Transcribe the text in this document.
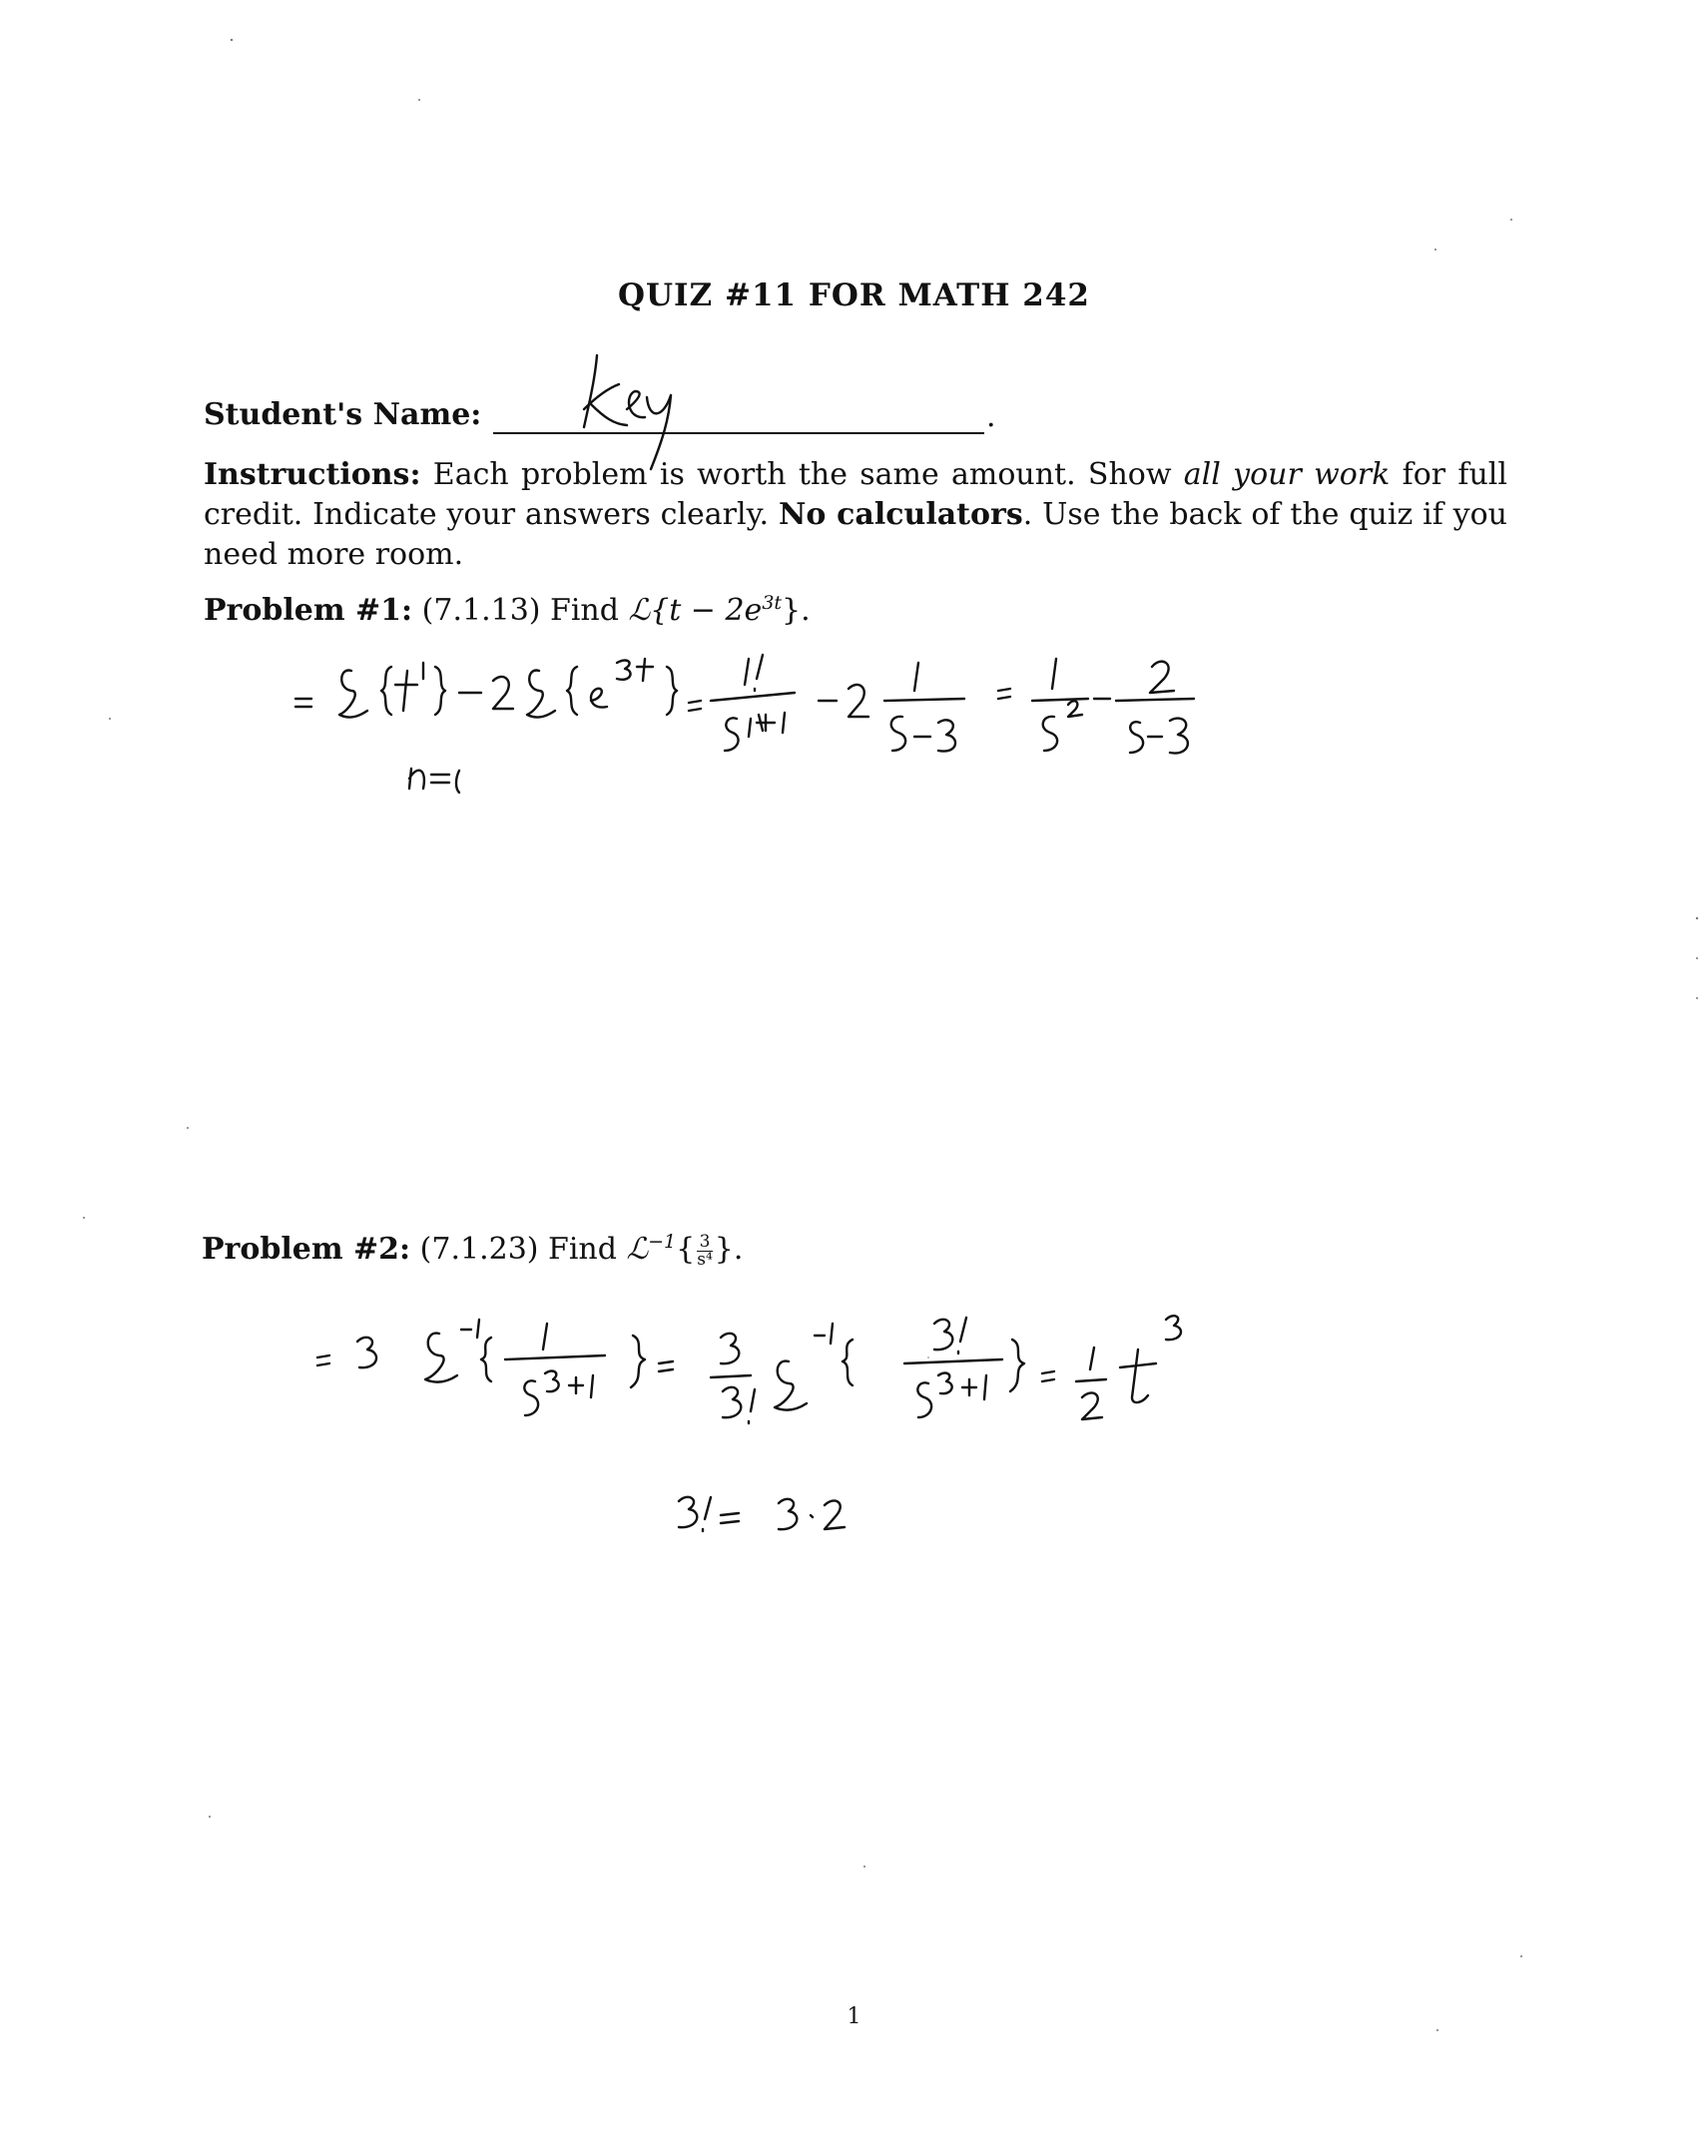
QUIZ #11 FOR MATH 242
Student's Name:	.
Instructions: Each problem is worth the same amount. Show all your work for full credit. Indicate your answers clearly. No calculators. Use the back of the quiz if you need more room.
Problem #1: (7.1.13) Find ℒ{t − $2e^{3t}$}.
Problem #2: (7.1.23) Find ℒ$^{-1}${ $\frac{3}{\text{s⁴}}$ }.
1
